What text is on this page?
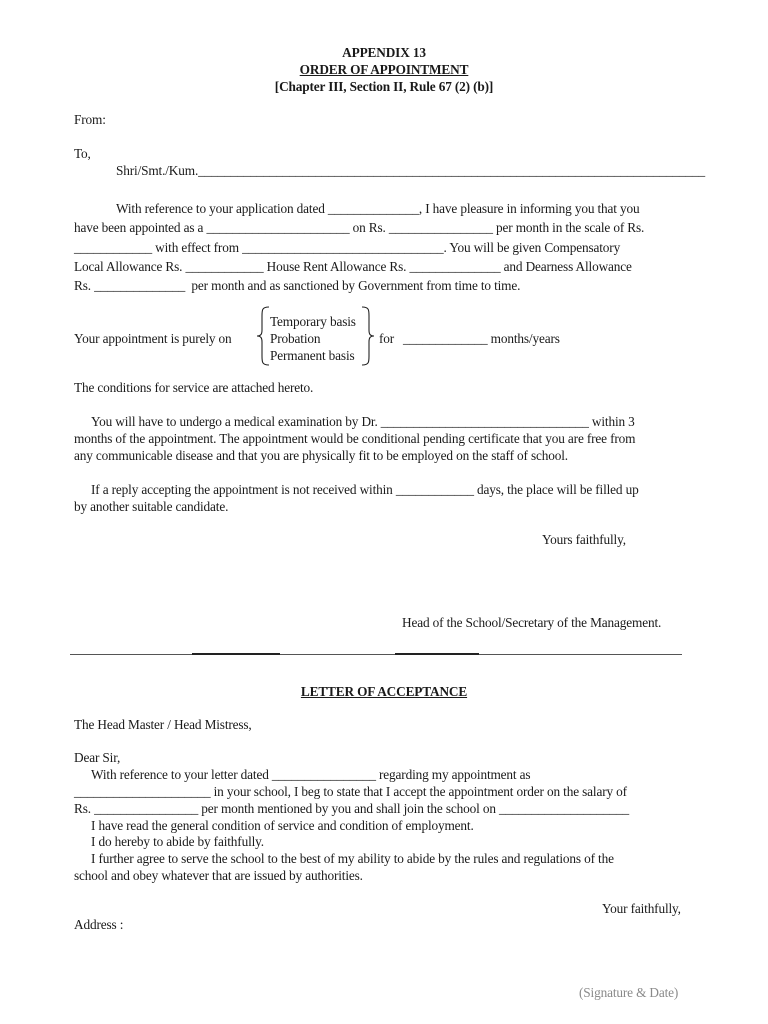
APPENDIX 13
ORDER OF APPOINTMENT
[Chapter III, Section II, Rule 67 (2) (b)]
From:
To,
Shri/Smt./Kum.______________________________________________________________________________
With reference to your application dated ______________, I have pleasure in informing you that you
have been appointed as a ______________________ on Rs. ________________ per month in the scale of Rs.
____________ with effect from _______________________________. You will be given Compensatory
Local Allowance Rs. ____________ House Rent Allowance Rs. ______________ and Dearness Allowance
Rs. ______________  per month and as sanctioned by Government from time to time.
Your appointment is purely on
Temporary basis
Probation
Permanent basis
for _____________ months/years
The conditions for service are attached hereto.
You will have to undergo a medical examination by Dr. ________________________________ within 3
months of the appointment. The appointment would be conditional pending certificate that you are free from
any communicable disease and that you are physically fit to be employed on the staff of school.
If a reply accepting the appointment is not received within ____________ days, the place will be filled up
by another suitable candidate.
Yours faithfully,
Head of the School/Secretary of the Management.
LETTER OF ACCEPTANCE
The Head Master / Head Mistress,
Dear Sir,
With reference to your letter dated ________________ regarding my appointment as
_____________________ in your school, I beg to state that I accept the appointment order on the salary of
Rs. ________________ per month mentioned by you and shall join the school on ____________________
I have read the general condition of service and condition of employment.
I do hereby to abide by faithfully.
I further agree to serve the school to the best of my ability to abide by the rules and regulations of the
school and obey whatever that are issued by authorities.
Your faithfully,
Address :
(Signature & Date)
